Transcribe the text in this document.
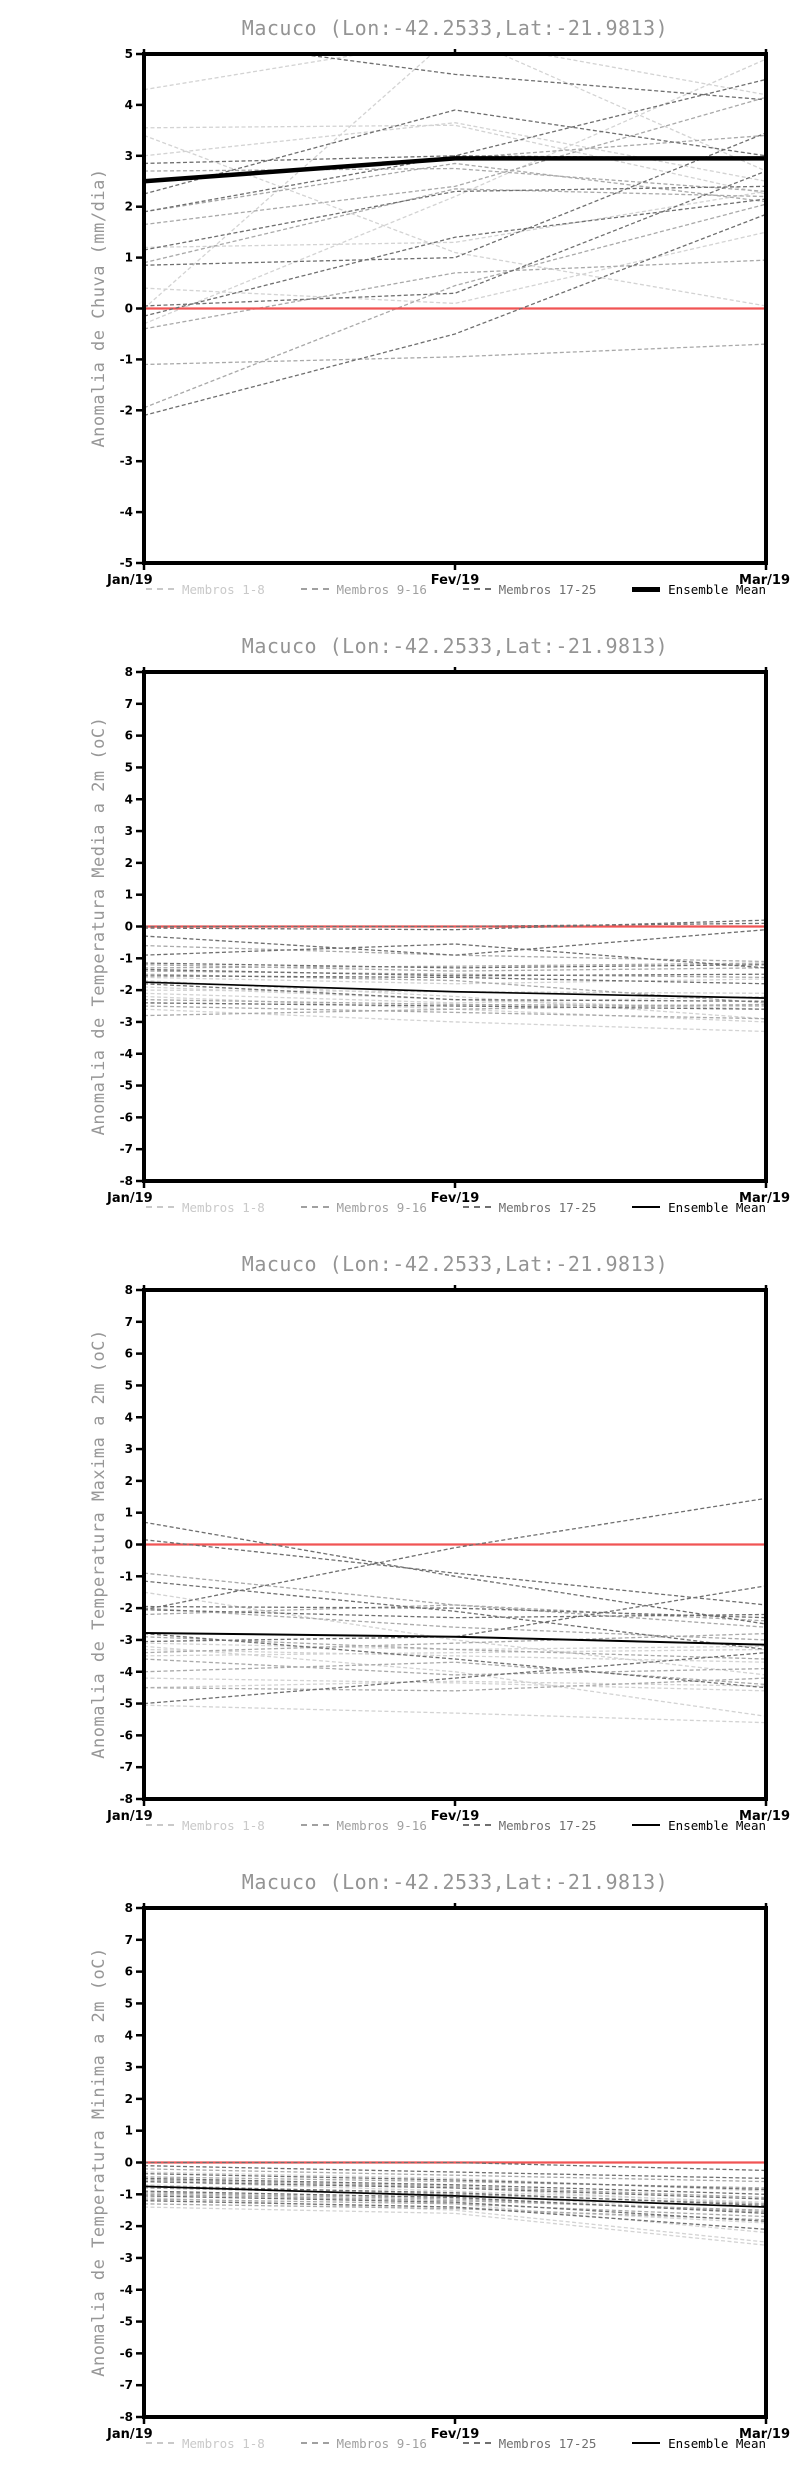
Macuco (Lon:-42.2533,Lat:-21.9813)
Anomalia de Chuva (mm/dia)
5
4
3
2
1
0
-1
-2
-3
-4
-5
Jan/19	Fev/19	Mar/19
Membros 1-8	Membros 9-16	Membros 17-25	Ensemble Mean
Macuco (Lon:-42.2533,Lat:-21.9813)
Anomalia de Temperatura Media a 2m (oC)
8
7
6
5
4
3
2
1
0
-1
-2
-3
-4
-5
-6
-7
-8
Jan/19	Fev/19	Mar/19
Membros 1-8	Membros 9-16	Membros 17-25	Ensemble Mean
Macuco (Lon:-42.2533,Lat:-21.9813)
Anomalia de Temperatura Maxima a 2m (oC)
8
7
6
5
4
3
2
1
0
-1
-2
-3
-4
-5
-6
-7
-8
Jan/19	Fev/19	Mar/19
Membros 1-8	Membros 9-16	Membros 17-25	Ensemble Mean
Macuco (Lon:-42.2533,Lat:-21.9813)
Anomalia de Temperatura Minima a 2m (oC)
8
7
6
5
4
3
2
1
0
-1
-2
-3
-4
-5
-6
-7
-8
Jan/19	Fev/19	Mar/19
Membros 1-8	Membros 9-16	Membros 17-25	Ensemble Mean
